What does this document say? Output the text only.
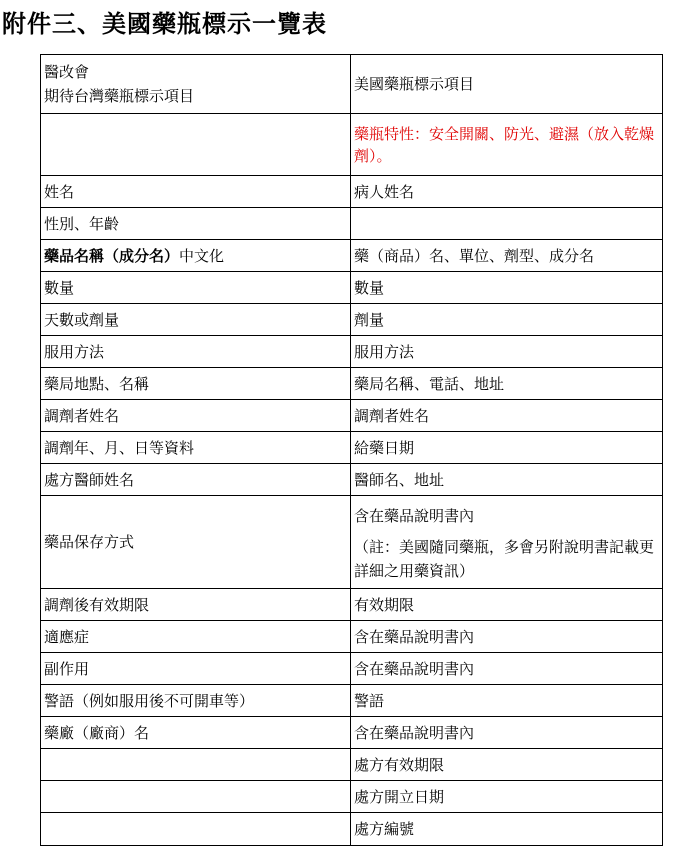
附件三、美國藥瓶標示一覽表
醫改會
期待台灣藥瓶標示項目	美國藥瓶標示項目
	藥瓶特性：安全開關、防光、避濕（放入乾燥劑）。
姓名	病人姓名
性別、年齡	
藥品名稱（成分名）中文化	藥（商品）名、單位、劑型、成分名
數量	數量
天數或劑量	劑量
服用方法	服用方法
藥局地點、名稱	藥局名稱、電話、地址
調劑者姓名	調劑者姓名
調劑年、月、日等資料	給藥日期
處方醫師姓名	醫師名、地址
藥品保存方式	含在藥品說明書內
（註：美國隨同藥瓶，多會另附說明書記載更詳細之用藥資訊）

調劑後有效期限	有效期限
適應症	含在藥品說明書內
副作用	含在藥品說明書內
警語（例如服用後不可開車等）	警語
藥廠（廠商）名	含在藥品說明書內
	處方有效期限
	處方開立日期
	處方編號
